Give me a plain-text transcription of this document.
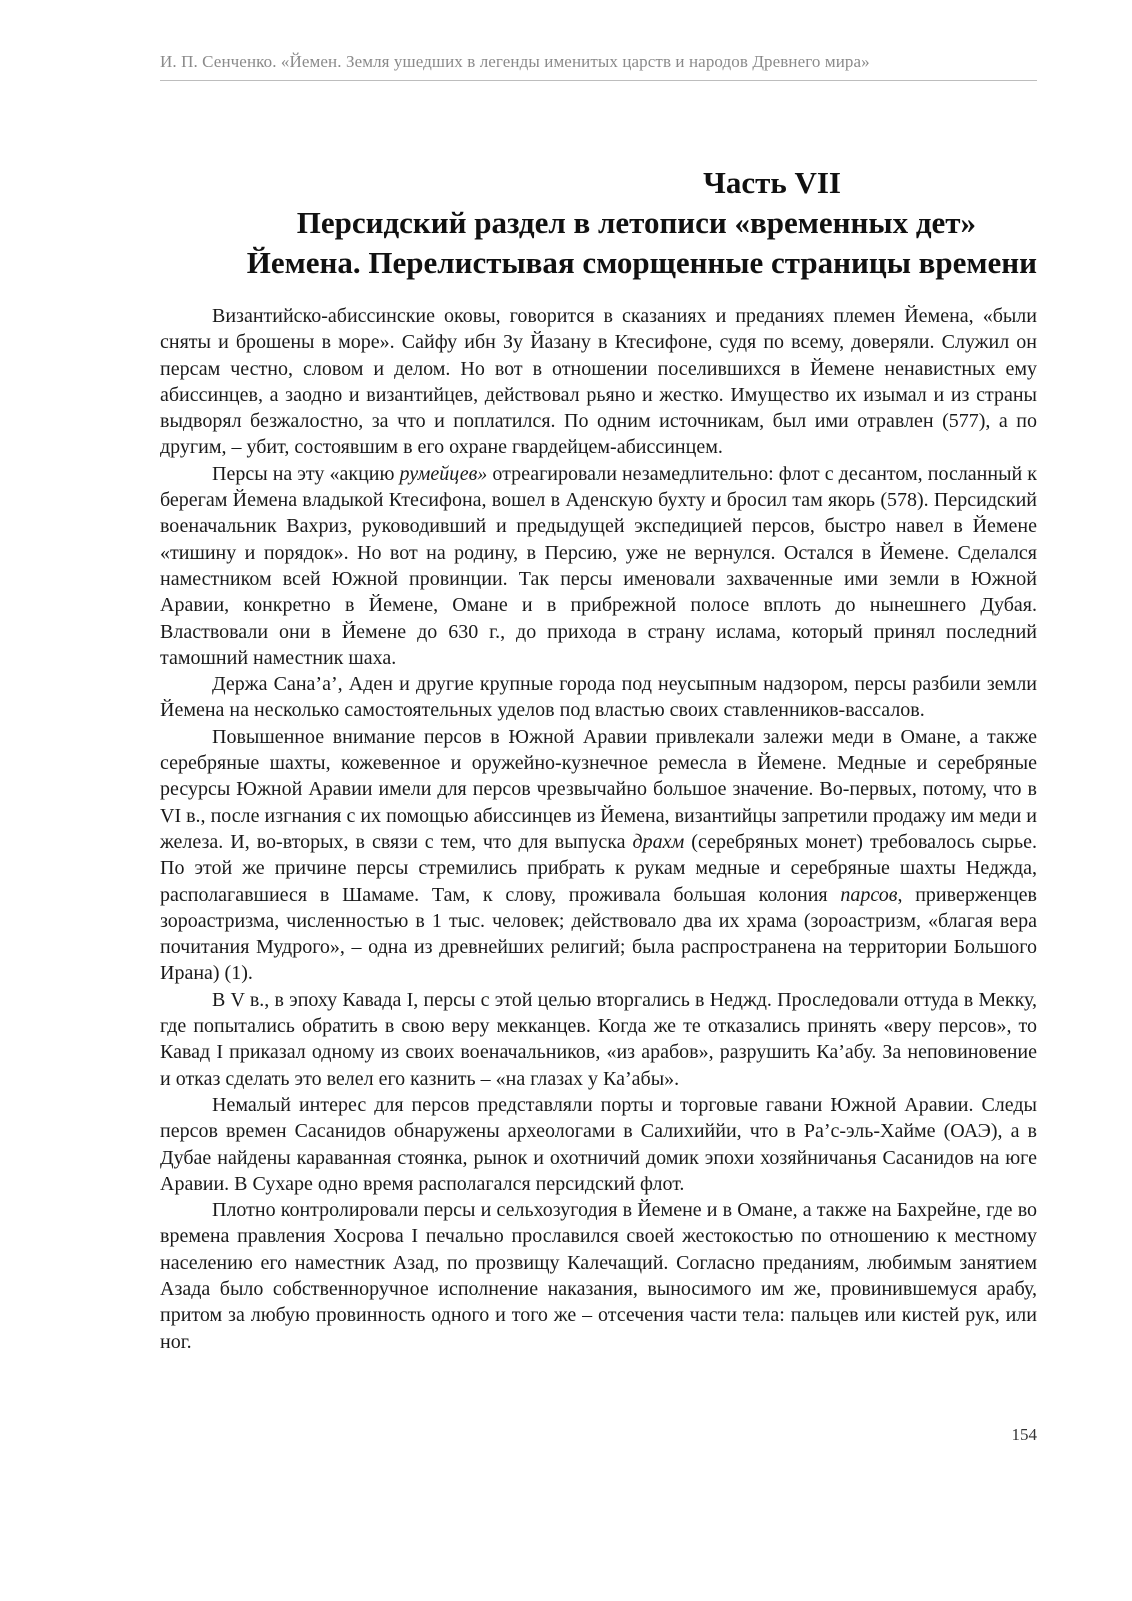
И. П. Сенченко. «Йемен. Земля ушедших в легенды именитых царств и народов Древнего мира»
Часть VII
Персидский раздел в летописи «временных дет»
Йемена. Перелистывая сморщенные страницы времени

Византийско-абиссинские оковы, говорится в сказаниях и преданиях племен Йемена, «были сняты и брошены в море». Сайфу ибн Зу Йазану в Ктесифоне, судя по всему, доверяли. Служил он персам честно, словом и делом. Но вот в отношении поселившихся в Йемене ненавистных ему абиссинцев, а заодно и византийцев, действовал рьяно и жестко. Имущество их изымал и из страны выдворял безжалостно, за что и поплатился. По одним источникам, был ими отравлен (577), а по другим, – убит, состоявшим в его охране гвардейцем-абиссинцем.

Персы на эту «акцию румейцев» отреагировали незамедлительно: флот с десантом, посланный к берегам Йемена владыкой Ктесифона, вошел в Аденскую бухту и бросил там якорь (578). Персидский военачальник Вахриз, руководивший и предыдущей экспедицией персов, быстро навел в Йемене «тишину и порядок». Но вот на родину, в Персию, уже не вернулся. Остался в Йемене. Сделался наместником всей Южной провинции. Так персы именовали захваченные ими земли в Южной Аравии, конкретно в Йемене, Омане и в прибрежной полосе вплоть до нынешнего Дубая. Властвовали они в Йемене до 630 г., до прихода в страну ислама, который принял последний тамошний наместник шаха.

Держа Сана’а’, Аден и другие крупные города под неусыпным надзором, персы разбили земли Йемена на несколько самостоятельных уделов под властью своих ставленников-вассалов.

Повышенное внимание персов в Южной Аравии привлекали залежи меди в Омане, а также серебряные шахты, кожевенное и оружейно-кузнечное ремесла в Йемене. Медные и серебряные ресурсы Южной Аравии имели для персов чрезвычайно большое значение. Во-первых, потому, что в VI в., после изгнания с их помощью абиссинцев из Йемена, византийцы запретили продажу им меди и железа. И, во-вторых, в связи с тем, что для выпуска драхм (серебряных монет) требовалось сырье. По этой же причине персы стремились прибрать к рукам медные и серебряные шахты Неджда, располагавшиеся в Шамаме. Там, к слову, проживала большая колония парсов, приверженцев зороастризма, численностью в 1 тыс. человек; действовало два их храма (зороастризм, «благая вера почитания Мудрого», – одна из древнейших религий; была распространена на территории Большого Ирана) (1).

В V в., в эпоху Кавада I, персы с этой целью вторгались в Неджд. Проследовали оттуда в Мекку, где попытались обратить в свою веру мекканцев. Когда же те отказались принять «веру персов», то Кавад I приказал одному из своих военачальников, «из арабов», разрушить Ка’абу. За неповиновение и отказ сделать это велел его казнить – «на глазах у Ка’абы».

Немалый интерес для персов представляли порты и торговые гавани Южной Аравии. Следы персов времен Сасанидов обнаружены археологами в Салихиййи, что в Ра’с-эль-Хайме (ОАЭ), а в Дубае найдены караванная стоянка, рынок и охотничий домик эпохи хозяйничанья Сасанидов на юге Аравии. В Сухаре одно время располагался персидский флот.

Плотно контролировали персы и сельхозугодия в Йемене и в Омане, а также на Бахрейне, где во времена правления Хосрова I печально прославился своей жестокостью по отношению к местному населению его наместник Азад, по прозвищу Калечащий. Согласно преданиям, любимым занятием Азада было собственноручное исполнение наказания, выносимого им же, провинившемуся арабу, притом за любую провинность одного и того же – отсечения части тела: пальцев или кистей рук, или ног.

154
